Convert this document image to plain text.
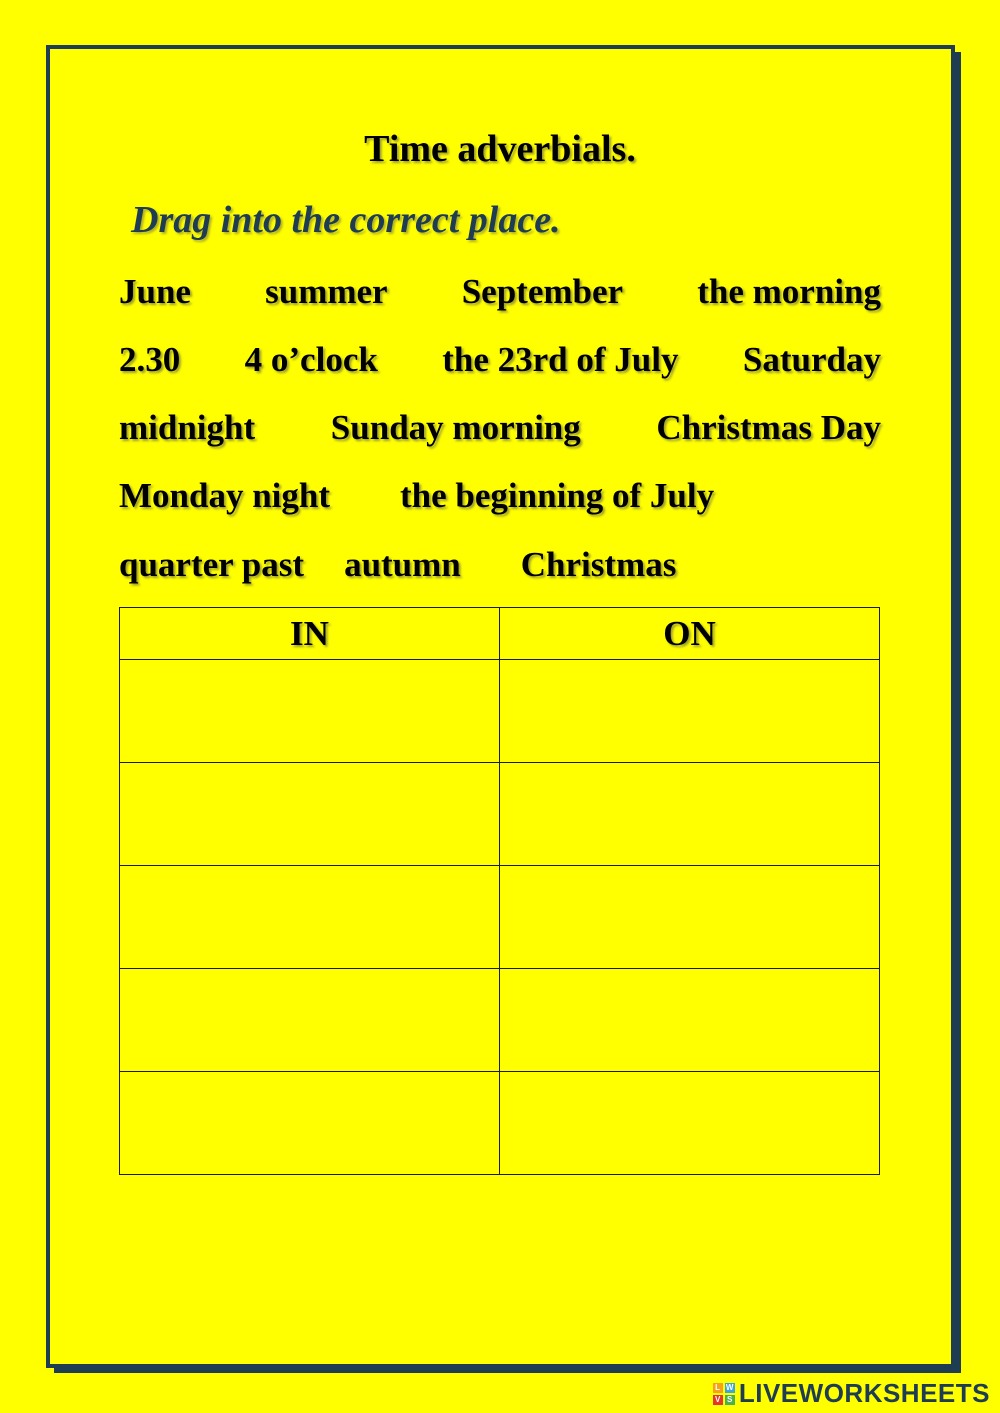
Time adverbials.
Drag into the correct place.
June summer September the morning
2.30 4 o’clock the 23rd of July Saturday
midnight Sunday morning Christmas Day
Monday night the beginning of July
quarter past autumn Christmas
IN	ON

L W
V S LIVEWORKSHEETS
